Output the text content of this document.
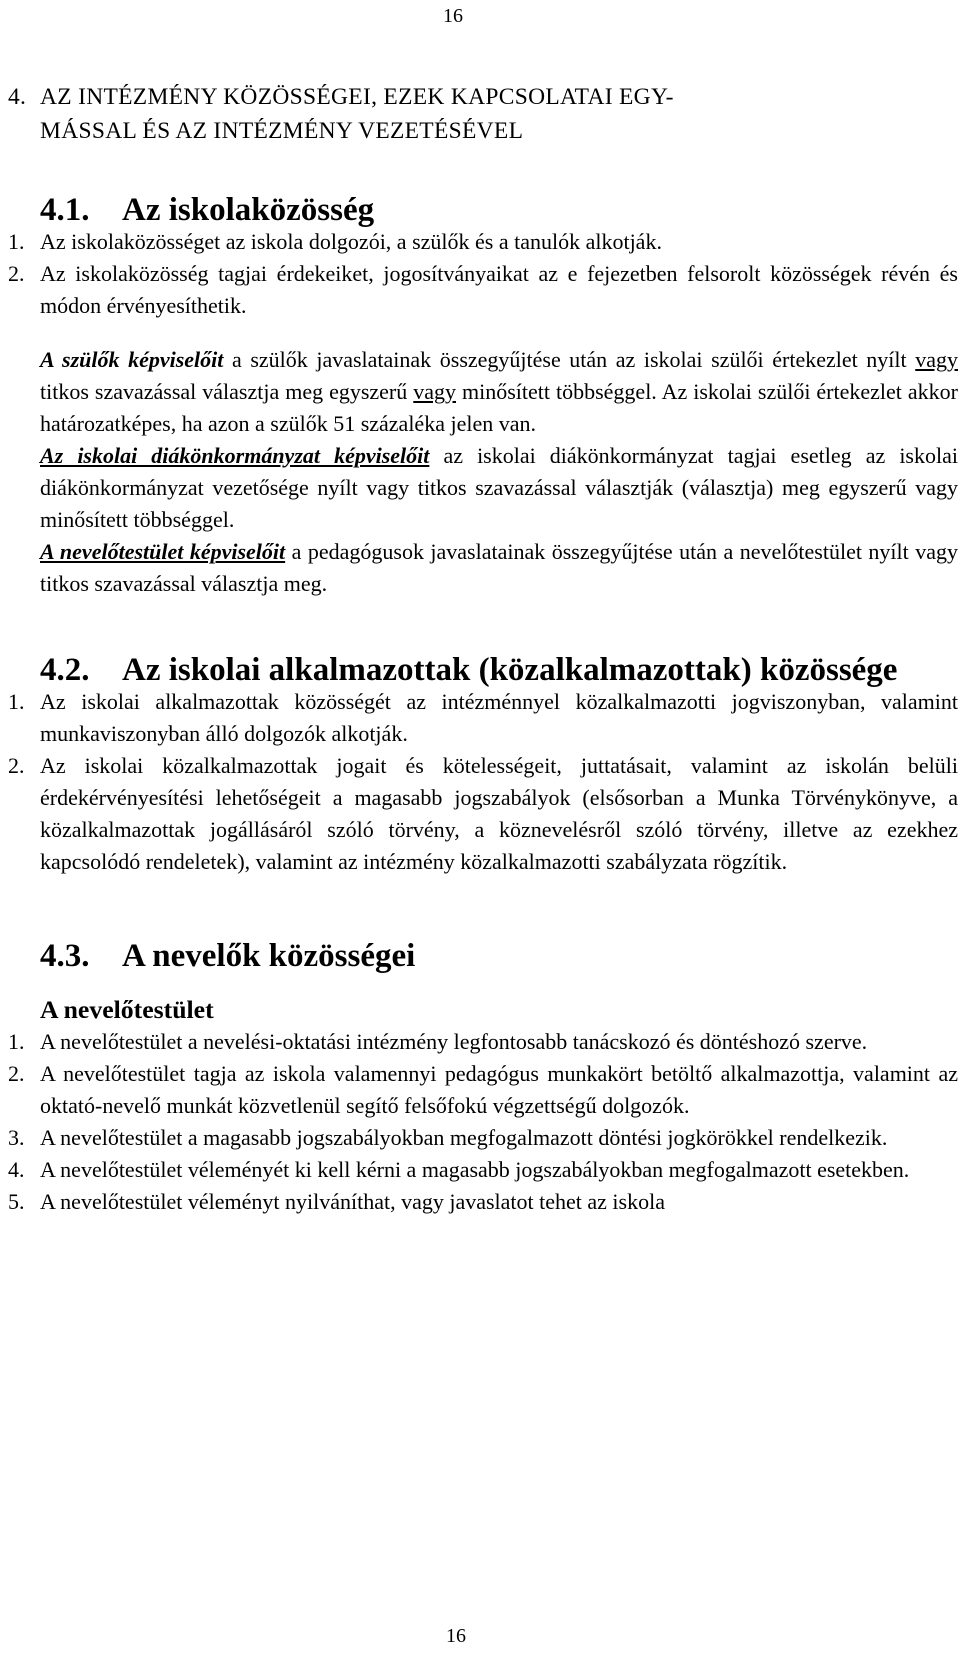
16
4. AZ INTÉZMÉNY KÖZÖSSÉGEI, EZEK KAPCSOLATAI EGY-
MÁSSAL ÉS AZ INTÉZMÉNY VEZETÉSÉVEL
4.1. Az iskolaközösség
1. Az iskolaközösséget az iskola dolgozói, a szülők és a tanulók alkotják.
2. Az iskolaközösség tagjai érdekeiket, jogosítványaikat az e fejezetben felsorolt közösségek révén és módon érvényesíthetik.

A szülők képviselőit a szülők javaslatainak összegyűjtése után az iskolai szülői értekezlet nyílt vagy titkos szavazással választja meg egyszerű vagy minősített többséggel. Az iskolai szülői értekezlet akkor határozatképes, ha azon a szülők 51 százaléka jelen van.

Az iskolai diákönkormányzat képviselőit az iskolai diákönkormányzat tagjai esetleg az iskolai diákönkormányzat vezetősége nyílt vagy titkos szavazással választják (választja) meg egyszerű vagy minősített többséggel.

A nevelőtestület képviselőit a pedagógusok javaslatainak összegyűjtése után a nevelőtestület nyílt vagy titkos szavazással választja meg.

4.2. Az iskolai alkalmazottak (közalkalmazottak) közössége
1. Az iskolai alkalmazottak közösségét az intézménnyel közalkalmazotti jogviszonyban, valamint munkaviszonyban álló dolgozók alkotják.
2. Az iskolai közalkalmazottak jogait és kötelességeit, juttatásait, valamint az iskolán belüli érdekérvényesítési lehetőségeit a magasabb jogszabályok (elsősorban a Munka Törvénykönyve, a közalkalmazottak jogállásáról szóló törvény, a köznevelésről szóló törvény, illetve az ezekhez kapcsolódó rendeletek), valamint az intézmény közalkalmazotti szabályzata rögzítik.
4.3. A nevelők közösségei
A nevelőtestület
1. A nevelőtestület a nevelési-oktatási intézmény legfontosabb tanácskozó és döntéshozó szerve.
2. A nevelőtestület tagja az iskola valamennyi pedagógus munkakört betöltő alkalmazottja, valamint az oktató-nevelő munkát közvetlenül segítő felsőfokú végzettségű dolgozók.
3. A nevelőtestület a magasabb jogszabályokban megfogalmazott döntési jogkörökkel rendelkezik.
4. A nevelőtestület véleményét ki kell kérni a magasabb jogszabályokban megfogalmazott esetekben.
5. A nevelőtestület véleményt nyilváníthat, vagy javaslatot tehet az iskola
16
